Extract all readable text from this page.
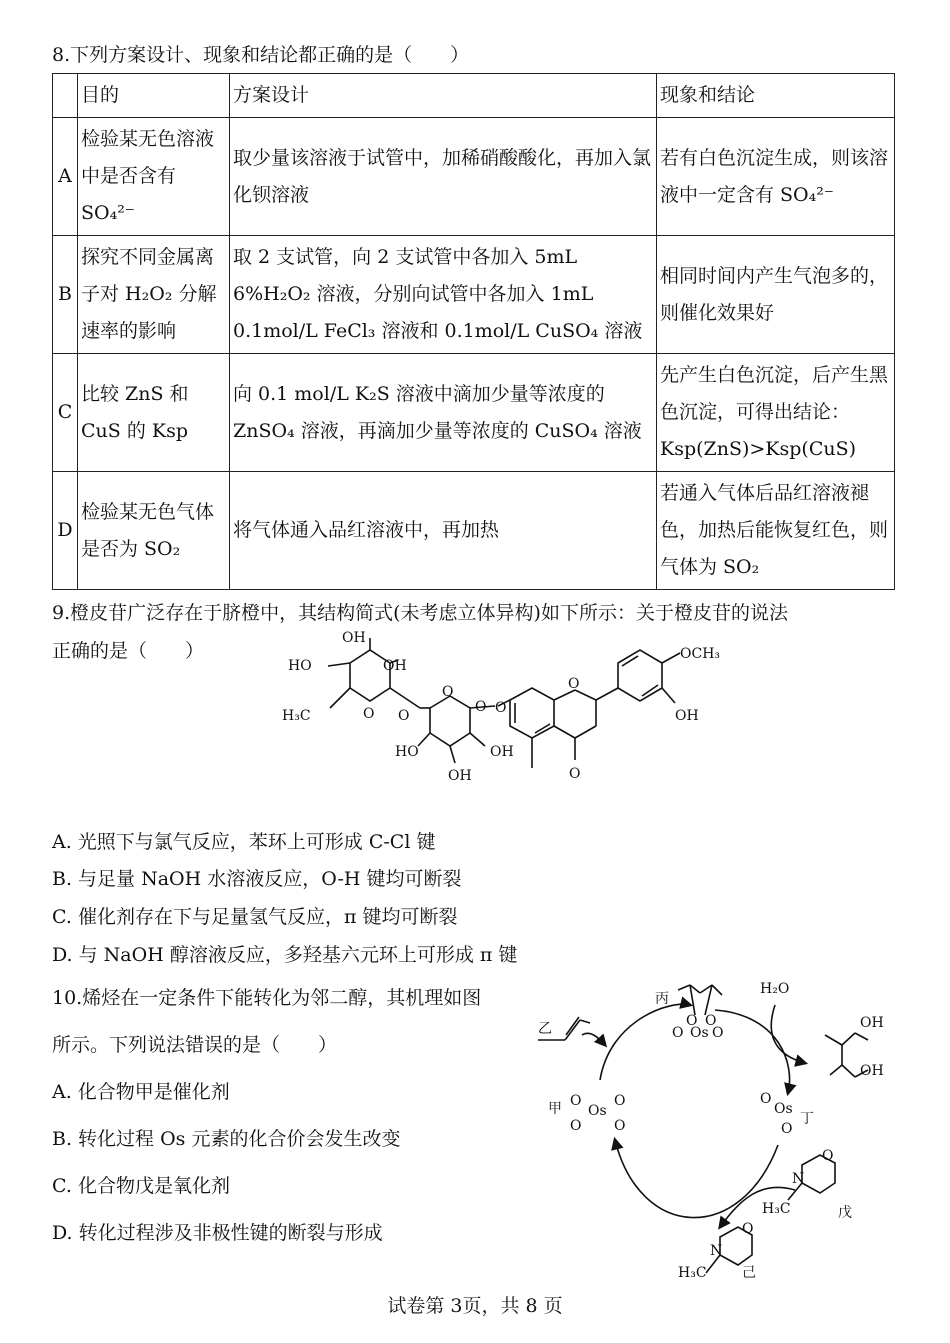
8.下列方案设计、现象和结论都正确的是（　　）
	目的	方案设计	现象和结论
A	检验某无色溶液中是否含有SO₄²⁻	取少量该溶液于试管中，加稀硝酸酸化，再加入氯化钡溶液	若有白色沉淀生成，则该溶液中一定含有 SO₄²⁻
B	探究不同金属离子对 H₂O₂ 分解速率的影响	取 2 支试管，向 2 支试管中各加入 5mL 6%H₂O₂ 溶液，分别向试管中各加入 1mL 0.1mol/L FeCl₃ 溶液和 0.1mol/L CuSO₄ 溶液	相同时间内产生气泡多的，则催化效果好
C	比较 ZnS 和 CuS 的 Ksp	向 0.1 mol/L K₂S 溶液中滴加少量等浓度的 ZnSO₄ 溶液，再滴加少量等浓度的 CuSO₄ 溶液	先产生白色沉淀，后产生黑色沉淀，可得出结论：Ksp(ZnS)>Ksp(CuS)
D	检验某无色气体是否为 SO₂	将气体通入品红溶液中，再加热	若通入气体后品红溶液褪色，加热后能恢复红色，则气体为 SO₂
9.橙皮苷广泛存在于脐橙中，其结构简式(未考虑立体异构)如下所示：关于橙皮苷的说法
正确的是（　　）
OH
HO	OH
H₃C	O O
O
O O
HO	OH
OH
O
O
OCH₃
OH
A. 光照下与氯气反应，苯环上可形成 C-Cl 键
B. 与足量 NaOH 水溶液反应，O-H 键均可断裂
C. 催化剂存在下与足量氢气反应，π 键均可断裂
D. 与 NaOH 醇溶液反应，多羟基六元环上可形成 π 键
10.烯烃在一定条件下能转化为邻二醇，其机理如图
所示。下列说法错误的是（　　）
A. 化合物甲是催化剂
B. 转化过程 Os 元素的化合价会发生改变
C. 化合物戊是氧化剂
D. 转化过程涉及非极性键的断裂与形成
乙
丙
O O
O Os O
H₂O
OH
OH
甲 O
Os
O
O O
O
Os
丁
O
O
N
H₃C	戊
O
N
H₃C	己
试卷第 3页，共 8 页
